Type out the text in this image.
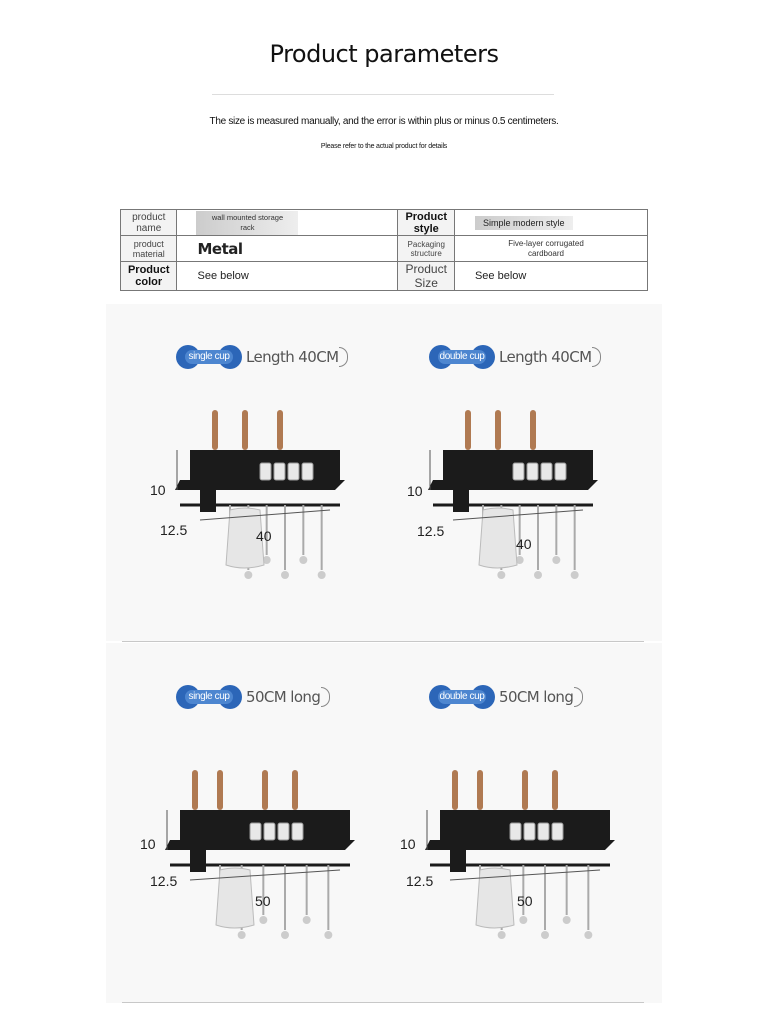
Product parameters
The size is measured manually, and the error is within plus or minus 0.5 centimeters.
Please refer to the actual product for details
product name	wall mounted storage rack	Product style	Simple modern style
product material	Metal	Packaging structure	Five-layer corrugated cardboard
Product color	See below	Product Size	See below
single cup	Length 40CM
10
12.5	40
double cup Length 40CM
10
12.5
40
single cup	50CM long
10
12.5
50
double cup 50CM long
10
12.5
50
